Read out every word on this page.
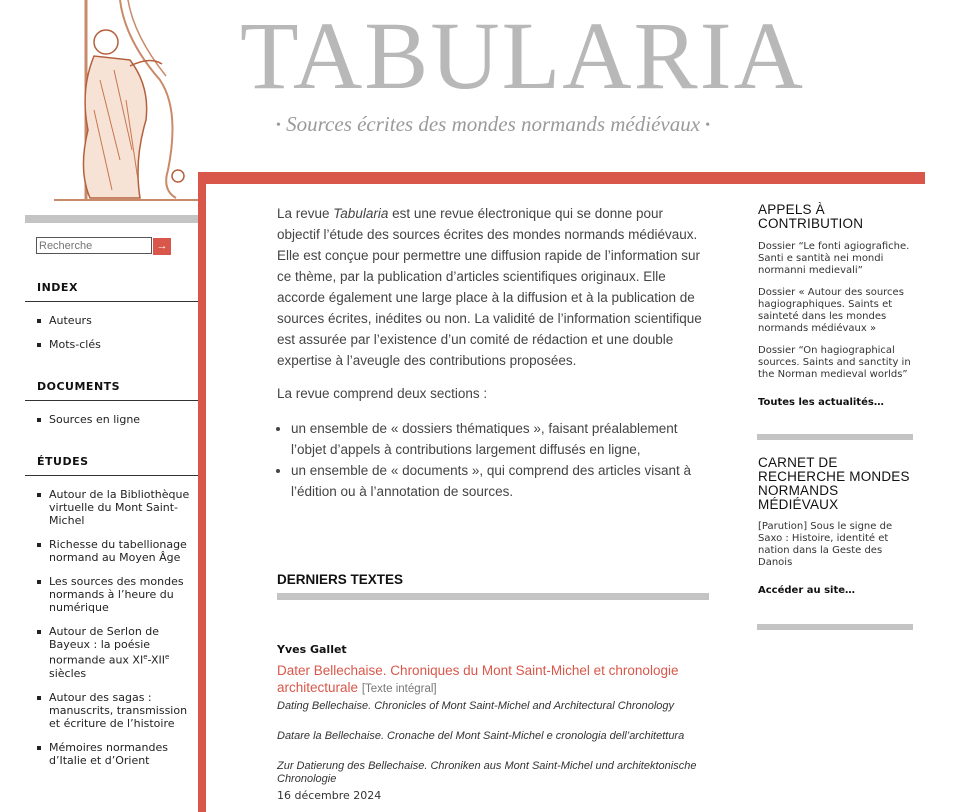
TABULARIA
• Sources écrites des mondes normands médiévaux •
Recherche
→
INDEX
Auteurs
Mots-clés
DOCUMENTS
Sources en ligne
ÉTUDES
Autour de la Bibliothèque virtuelle du Mont Saint-Michel
Richesse du tabellionage normand au Moyen Âge
Les sources des mondes normands à l’heure du numérique
Autour de Serlon de Bayeux : la poésie normande aux XIe-XIIe siècles
Autour des sagas : manuscrits, transmission et écriture de l’histoire
Mémoires normandes d’Italie et d’Orient

La revue Tabularia est une revue électronique qui se donne pour objectif l’étude des sources écrites des mondes normands médiévaux. Elle est conçue pour permettre une diffusion rapide de l’information sur ce thème, par la publication d’articles scientifiques originaux. Elle accorde également une large place à la diffusion et à la publication de sources écrites, inédites ou non. La validité de l’information scientifique est assurée par l’existence d’un comité de rédaction et une double expertise à l’aveugle des contributions proposées.

La revue comprend deux sections :

• un ensemble de « dossiers thématiques », faisant préalablement l’objet d’appels à contributions largement diffusés en ligne,
• un ensemble de « documents », qui comprend des articles visant à l’édition ou à l’annotation de sources.
DERNIERS TEXTES
Yves Gallet
Dater Bellechaise. Chroniques du Mont Saint-Michel et chronologie architecturale [Texte intégral]
Dating Bellechaise. Chronicles of Mont Saint-Michel and Architectural Chronology
Datare la Bellechaise. Cronache del Mont Saint-Michel e cronologia dell’architettura
Zur Datierung des Bellechaise. Chroniken aus Mont Saint-Michel und architektonische Chronologie
16 décembre 2024
APPELS À CONTRIBUTION
Dossier “Le fonti agiografiche. Santi e santità nei mondi normanni medievali”
Dossier « Autour des sources hagiographiques. Saints et sainteté dans les mondes normands médiévaux »
Dossier “On hagiographical sources. Saints and sanctity in the Norman medieval worlds”
Toutes les actualités…
CARNET DE RECHERCHE MONDES NORMANDS MÉDIÉVAUX
[Parution] Sous le signe de Saxo : Histoire, identité et nation dans la Geste des Danois
Accéder au site…
